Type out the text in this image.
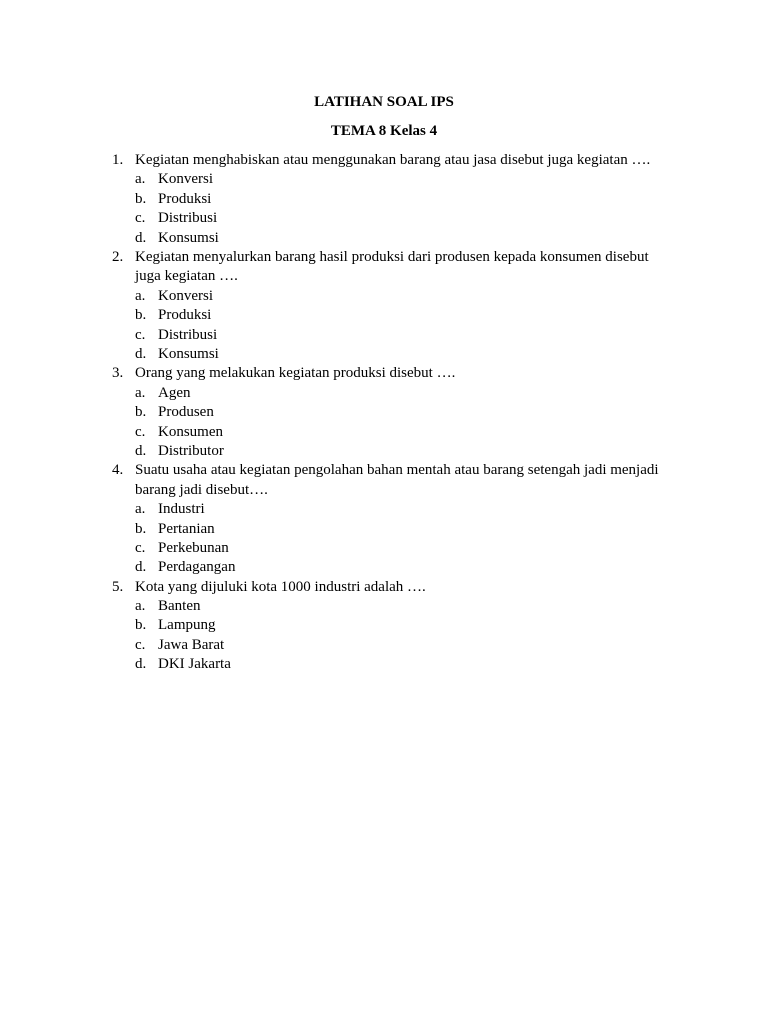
LATIHAN SOAL IPS
TEMA 8 Kelas 4
1. Kegiatan menghabiskan atau menggunakan barang atau jasa disebut juga kegiatan ….
a. Konversi
b. Produksi
c. Distribusi
d. Konsumsi
2. Kegiatan menyalurkan barang hasil produksi dari produsen kepada konsumen disebut juga kegiatan ….
a. Konversi
b. Produksi
c. Distribusi
d. Konsumsi
3. Orang yang melakukan kegiatan produksi disebut ….
a. Agen
b. Produsen
c. Konsumen
d. Distributor
4. Suatu usaha atau kegiatan pengolahan bahan mentah atau barang setengah jadi menjadi barang jadi disebut….
a. Industri
b. Pertanian
c. Perkebunan
d. Perdagangan
5. Kota yang dijuluki kota 1000 industri adalah ….
a. Banten
b. Lampung
c. Jawa Barat
d. DKI Jakarta
